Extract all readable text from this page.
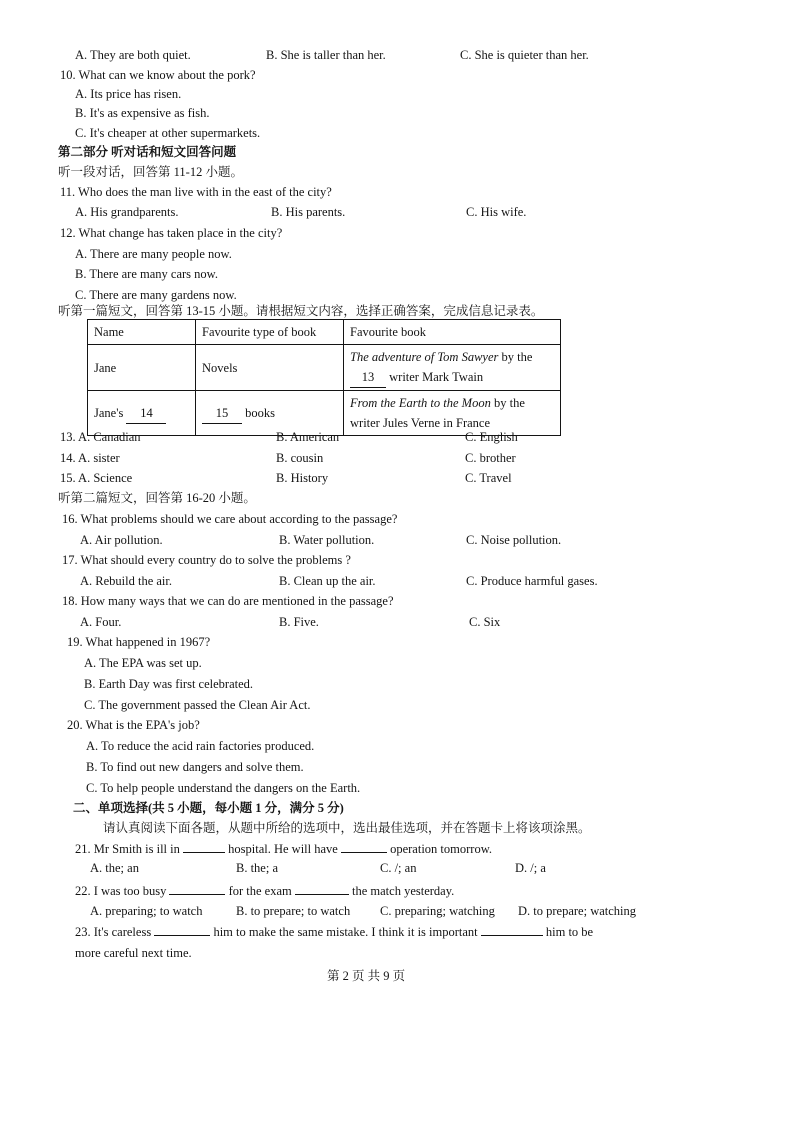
A. They are both quiet.	B. She is taller than her.	C. She is quieter than her.
10. What can we know about the pork?
A. Its price has risen.
B. It's as expensive as fish.
C. It's cheaper at other supermarkets.
第二部分 听对话和短文回答问题
听一段对话，回答第 11-12 小题。
11. Who does the man live with in the east of the city?
A. His grandparents.	B. His parents.	C. His wife.
12. What change has taken place in the city?
A. There are many people now.
B. There are many cars now.
C. There are many gardens now.
听第一篇短文，回答第 13-15 小题。请根据短文内容，选择正确答案，完成信息记录表。
Name	Favourite type of book	Favourite book
Jane	Novels	The adventure of Tom Sawyer by the
13 writer Mark Twain
Jane's 14	15 books	From the Earth to the Moon by the
writer Jules Verne in France
13. A. Canadian	B. American	C. English
14. A. sister	B. cousin	C. brother
15. A. Science	B. History	C. Travel
听第二篇短文，回答第 16-20 小题。
16. What problems should we care about according to the passage?
A. Air pollution.	B. Water pollution.	C. Noise pollution.
17. What should every country do to solve the problems ?
A. Rebuild the air.	B. Clean up the air.	C. Produce harmful gases.
18. How many ways that we can do are mentioned in the passage?
A. Four.	B. Five.	C. Six
19. What happened in 1967?
A. The EPA was set up.
B. Earth Day was first celebrated.
C. The government passed the Clean Air Act.
20. What is the EPA's job?
A. To reduce the acid rain factories produced.
B. To find out new dangers and solve them.
C. To help people understand the dangers on the Earth.
二、单项选择(共 5 小题，每小题 1 分，满分 5 分)
请认真阅读下面各题，从题中所给的选项中，选出最佳选项，并在答题卡上将该项涂黑。
21. Mr Smith is ill in	hospital. He will have	operation tomorrow.
A. the; an	B. the; a	C. /; an	D. /; a
22. I was too busy	for the exam	the match yesterday.
A. preparing; to watch	B. to prepare; to watch C. preparing; watching D. to prepare; watching
23. It's careless	him to make the same mistake. I think it is important	him to be
more careful next time.
第 2 页 共 9 页
